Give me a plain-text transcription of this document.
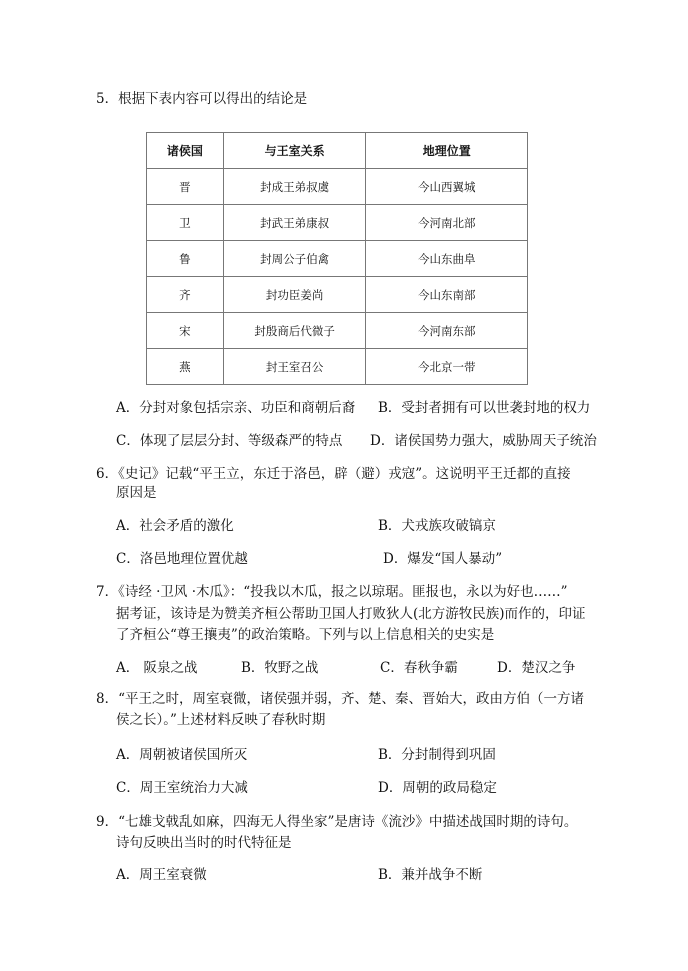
5．根据下表内容可以得出的结论是
诸侯国	与王室关系	地理位置
晋	封成王弟叔虞	今山西翼城
卫	封武王弟康叔	今河南北部
鲁	封周公子伯禽	今山东曲阜
齐	封功臣姜尚	今山东南部
宋	封殷商后代微子	今河南东部
燕	封王室召公	今北京一带
A．分封对象包括宗亲、功臣和商朝后裔 B．受封者拥有可以世袭封地的权力
C．体现了层层分封、等级森严的特点 D．诸侯国势力强大，威胁周天子统治
6．《史记》记载“平王立，东迁于洛邑，辟（避）戎寇”。这说明平王迁都的直接
原因是
A．社会矛盾的激化	B．犬戎族攻破镐京
C．洛邑地理位置优越	D．爆发“国人暴动”
7．《诗经 ·卫风 ·木瓜》：“投我以木瓜，报之以琼琚。匪报也，永以为好也……”
据考证，该诗是为赞美齐桓公帮助卫国人打败狄人(北方游牧民族)而作的，印证
了齐桓公“尊王攘夷”的政治策略。下列与以上信息相关的史实是
A． 阪泉之战	B．牧野之战	C．春秋争霸	D．楚汉之争
8．“平王之时，周室衰微，诸侯强并弱，齐、楚、秦、晋始大，政由方伯（一方诸
侯之长）。”上述材料反映了春秋时期
A．周朝被诸侯国所灭	B．分封制得到巩固
C．周王室统治力大减	D．周朝的政局稳定
9．“七雄戈戟乱如麻，四海无人得坐家”是唐诗《流沙》中描述战国时期的诗句。
诗句反映出当时的时代特征是
A．周王室衰微	B．兼并战争不断
